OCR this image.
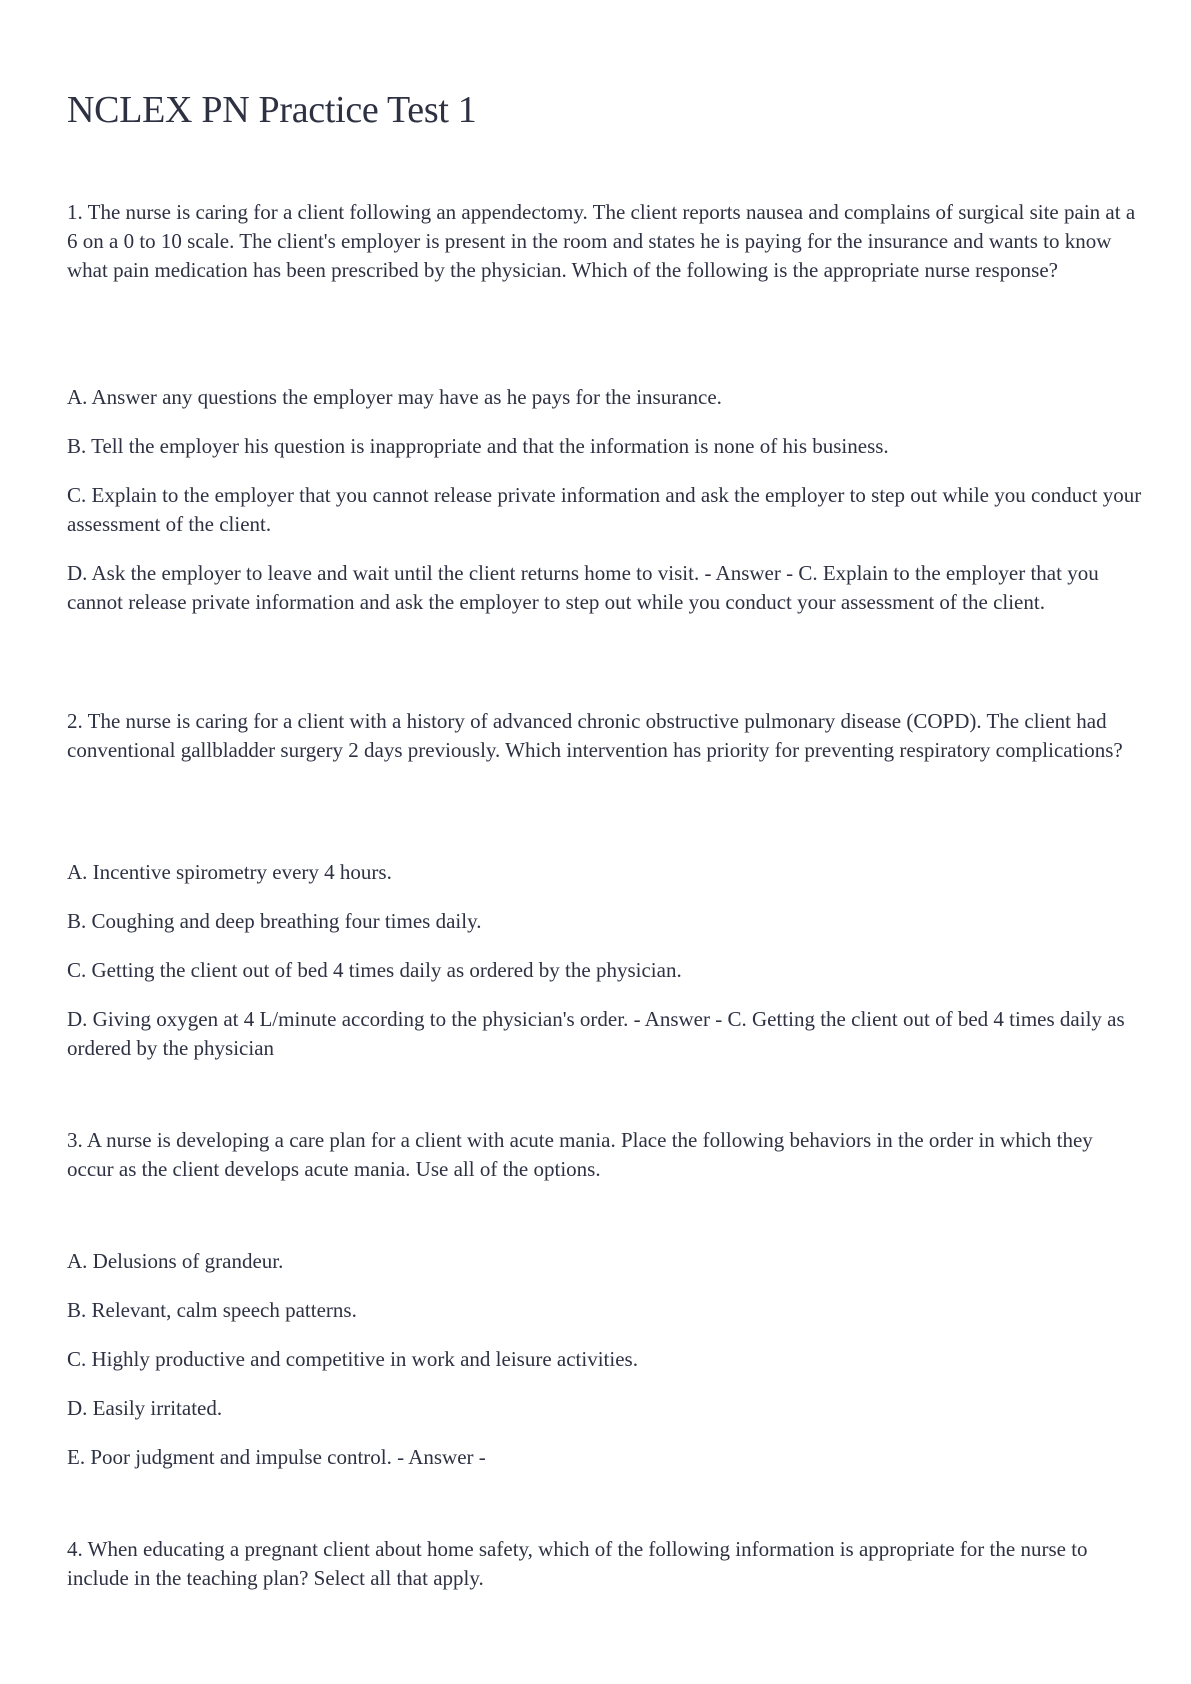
NCLEX PN Practice Test 1

1. The nurse is caring for a client following an appendectomy. The client reports nausea and complains of surgical site pain at a 6 on a 0 to 10 scale. The client's employer is present in the room and states he is paying for the insurance and wants to know what pain medication has been prescribed by the physician. Which of the following is the appropriate nurse response?

A. Answer any questions the employer may have as he pays for the insurance.

B. Tell the employer his question is inappropriate and that the information is none of his business.

C. Explain to the employer that you cannot release private information and ask the employer to step out while you conduct your assessment of the client.

D. Ask the employer to leave and wait until the client returns home to visit. - Answer - C. Explain to the employer that you cannot release private information and ask the employer to step out while you conduct your assessment of the client.

2. The nurse is caring for a client with a history of advanced chronic obstructive pulmonary disease (COPD). The client had conventional gallbladder surgery 2 days previously. Which intervention has priority for preventing respiratory complications?

A. Incentive spirometry every 4 hours.

B. Coughing and deep breathing four times daily.

C. Getting the client out of bed 4 times daily as ordered by the physician.

D. Giving oxygen at 4 L/minute according to the physician's order. - Answer - C. Getting the client out of bed 4 times daily as ordered by the physician

3. A nurse is developing a care plan for a client with acute mania. Place the following behaviors in the order in which they occur as the client develops acute mania. Use all of the options.

A. Delusions of grandeur.

B. Relevant, calm speech patterns.

C. Highly productive and competitive in work and leisure activities.

D. Easily irritated.

E. Poor judgment and impulse control. - Answer -

4. When educating a pregnant client about home safety, which of the following information is appropriate for the nurse to include in the teaching plan? Select all that apply.
